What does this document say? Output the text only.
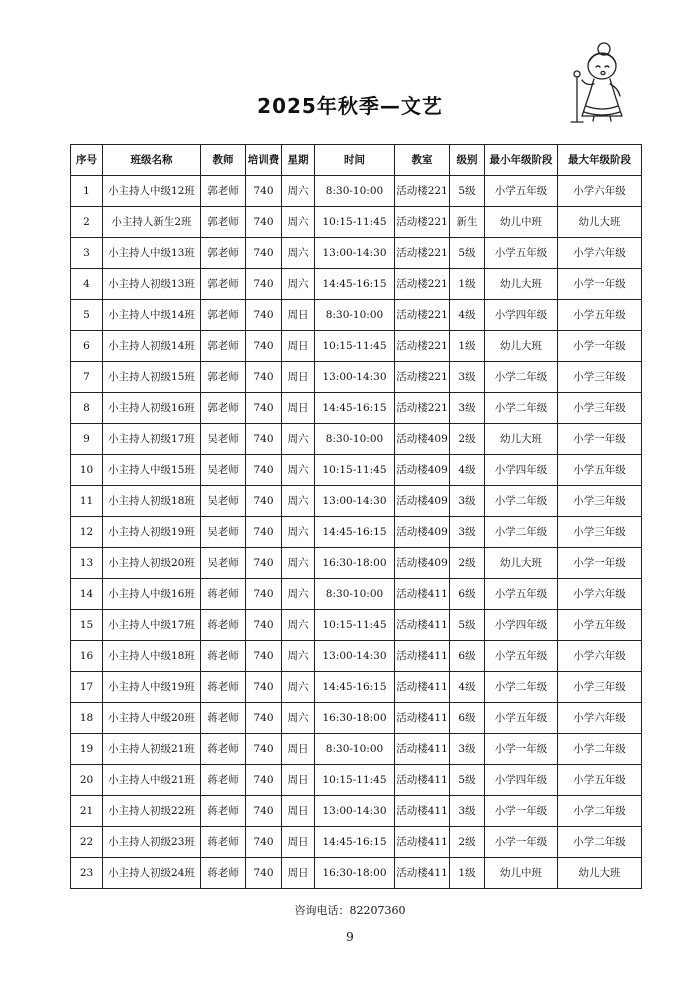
2025年秋季—文艺
序号	班级名称	教师	培训费	星期	时间	教室	级别	最小年级阶段	最大年级阶段
1	小主持人中级12班	郭老师	740	周六	8:30-10:00	活动楼221	5级	小学五年级	小学六年级
2	小主持人新生2班	郭老师	740	周六	10:15-11:45	活动楼221	新生	幼儿中班	幼儿大班
3	小主持人中级13班	郭老师	740	周六	13:00-14:30	活动楼221	5级	小学五年级	小学六年级
4	小主持人初级13班	郭老师	740	周六	14:45-16:15	活动楼221	1级	幼儿大班	小学一年级
5	小主持人中级14班	郭老师	740	周日	8:30-10:00	活动楼221	4级	小学四年级	小学五年级
6	小主持人初级14班	郭老师	740	周日	10:15-11:45	活动楼221	1级	幼儿大班	小学一年级
7	小主持人初级15班	郭老师	740	周日	13:00-14:30	活动楼221	3级	小学二年级	小学三年级
8	小主持人初级16班	郭老师	740	周日	14:45-16:15	活动楼221	3级	小学二年级	小学三年级
9	小主持人初级17班	吴老师	740	周六	8:30-10:00	活动楼409	2级	幼儿大班	小学一年级
10	小主持人中级15班	吴老师	740	周六	10:15-11:45	活动楼409	4级	小学四年级	小学五年级
11	小主持人初级18班	吴老师	740	周六	13:00-14:30	活动楼409	3级	小学二年级	小学三年级
12	小主持人初级19班	吴老师	740	周六	14:45-16:15	活动楼409	3级	小学二年级	小学三年级
13	小主持人初级20班	吴老师	740	周六	16:30-18:00	活动楼409	2级	幼儿大班	小学一年级
14	小主持人中级16班	蒋老师	740	周六	8:30-10:00	活动楼411	6级	小学五年级	小学六年级
15	小主持人中级17班	蒋老师	740	周六	10:15-11:45	活动楼411	5级	小学四年级	小学五年级
16	小主持人中级18班	蒋老师	740	周六	13:00-14:30	活动楼411	6级	小学五年级	小学六年级
17	小主持人中级19班	蒋老师	740	周六	14:45-16:15	活动楼411	4级	小学二年级	小学三年级
18	小主持人中级20班	蒋老师	740	周六	16:30-18:00	活动楼411	6级	小学五年级	小学六年级
19	小主持人初级21班	蒋老师	740	周日	8:30-10:00	活动楼411	3级	小学一年级	小学二年级
20	小主持人中级21班	蒋老师	740	周日	10:15-11:45	活动楼411	5级	小学四年级	小学五年级
21	小主持人初级22班	蒋老师	740	周日	13:00-14:30	活动楼411	3级	小学一年级	小学二年级
22	小主持人初级23班	蒋老师	740	周日	14:45-16:15	活动楼411	2级	小学一年级	小学二年级
23	小主持人初级24班	蒋老师	740	周日	16:30-18:00	活动楼411	1级	幼儿中班	幼儿大班
咨询电话：82207360
9
